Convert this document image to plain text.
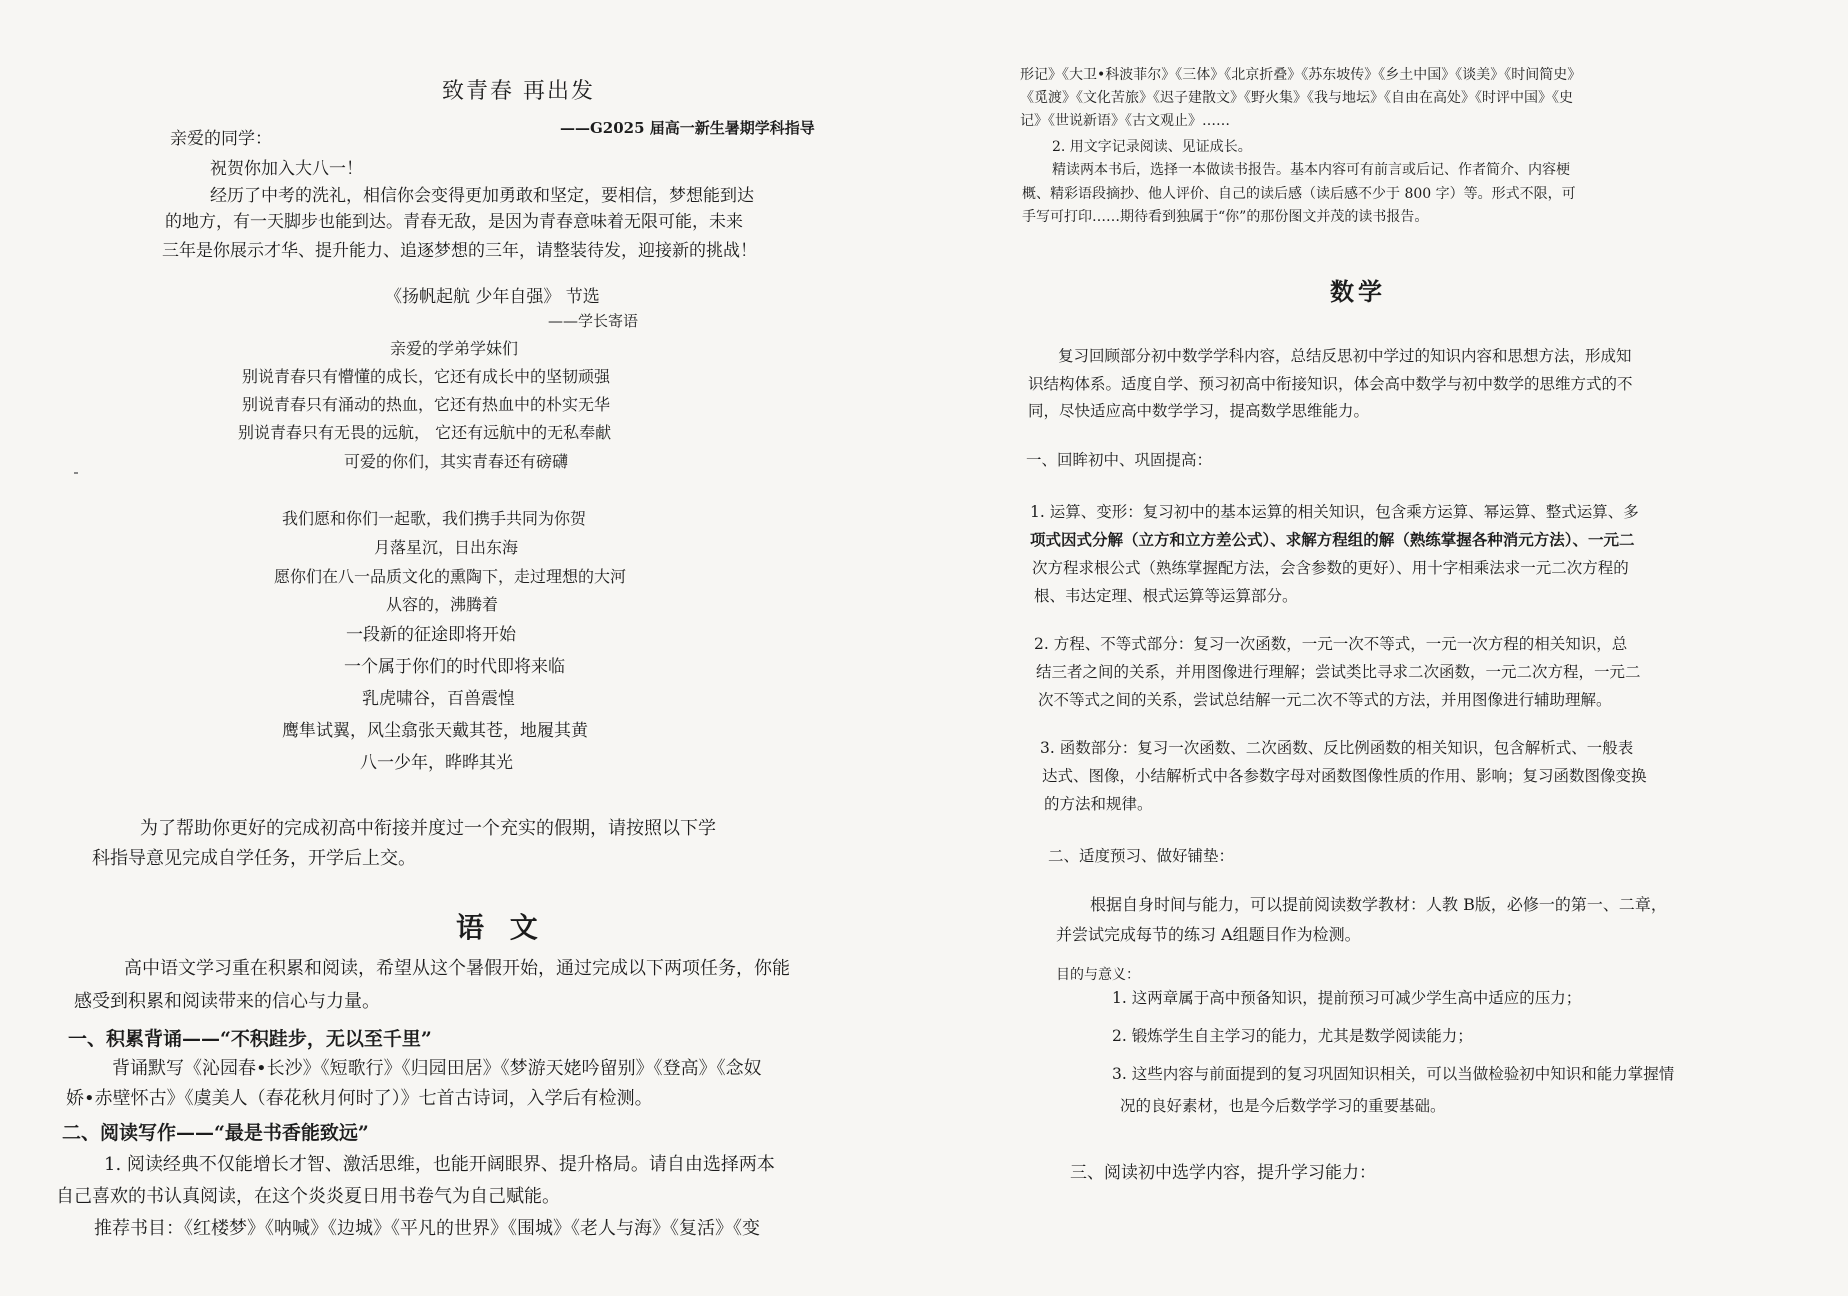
致青春 再出发
——G2025 届高一新生暑期学科指导
亲爱的同学：
祝贺你加入大八一！
经历了中考的洗礼，相信你会变得更加勇敢和坚定，要相信，梦想能到达
的地方，有一天脚步也能到达。青春无敌，是因为青春意味着无限可能，未来
三年是你展示才华、提升能力、追逐梦想的三年，请整装待发，迎接新的挑战！
《扬帆起航 少年自强》 节选
——学长寄语
亲爱的学弟学妹们
别说青春只有懵懂的成长，它还有成长中的坚韧顽强
别说青春只有涌动的热血，它还有热血中的朴实无华
别说青春只有无畏的远航， 它还有远航中的无私奉献
可爱的你们，其实青春还有磅礴
我们愿和你们一起歌，我们携手共同为你贺
月落星沉，日出东海
愿你们在八一品质文化的熏陶下，走过理想的大河
从容的，沸腾着
一段新的征途即将开始
一个属于你们的时代即将来临
乳虎啸谷，百兽震惶
鹰隼试翼，风尘翕张天戴其苍，地履其黄
八一少年，晔晔其光
为了帮助你更好的完成初高中衔接并度过一个充实的假期，请按照以下学
科指导意见完成自学任务，开学后上交。
语 文
高中语文学习重在积累和阅读，希望从这个暑假开始，通过完成以下两项任务，你能
感受到积累和阅读带来的信心与力量。
一、积累背诵——“不积跬步，无以至千里”
背诵默写《沁园春•长沙》《短歌行》《归园田居》《梦游天姥吟留别》《登高》《念奴
娇•赤壁怀古》《虞美人（春花秋月何时了）》七首古诗词，入学后有检测。
二、阅读写作——“最是书香能致远”
1. 阅读经典不仅能增长才智、激活思维，也能开阔眼界、提升格局。请自由选择两本
自己喜欢的书认真阅读，在这个炎炎夏日用书卷气为自己赋能。
推荐书目：《红楼梦》《呐喊》《边城》《平凡的世界》《围城》《老人与海》《复活》《变
形记》《大卫•科波菲尔》《三体》《北京折叠》《苏东坡传》《乡土中国》《谈美》《时间简史》
《觅渡》《文化苦旅》《迟子建散文》《野火集》《我与地坛》《自由在高处》《时评中国》《史
记》《世说新语》《古文观止》……
2. 用文字记录阅读、见证成长。
精读两本书后，选择一本做读书报告。基本内容可有前言或后记、作者简介、内容梗
概、精彩语段摘抄、他人评价、自己的读后感（读后感不少于 800 字）等。形式不限，可
手写可打印……期待看到独属于“你”的那份图文并茂的读书报告。
数学
复习回顾部分初中数学学科内容，总结反思初中学过的知识内容和思想方法，形成知
识结构体系。适度自学、预习初高中衔接知识，体会高中数学与初中数学的思维方式的不
同，尽快适应高中数学学习，提高数学思维能力。
一、回眸初中、巩固提高：
1. 运算、变形：复习初中的基本运算的相关知识，包含乘方运算、幂运算、整式运算、多
项式因式分解（立方和立方差公式）、求解方程组的解（熟练掌握各种消元方法）、一元二
次方程求根公式（熟练掌握配方法，会含参数的更好）、用十字相乘法求一元二次方程的
根、韦达定理、根式运算等运算部分。
2. 方程、不等式部分：复习一次函数，一元一次不等式，一元一次方程的相关知识，总
结三者之间的关系，并用图像进行理解；尝试类比寻求二次函数，一元二次方程，一元二
次不等式之间的关系，尝试总结解一元二次不等式的方法，并用图像进行辅助理解。
3. 函数部分：复习一次函数、二次函数、反比例函数的相关知识，包含解析式、一般表
达式、图像，小结解析式中各参数字母对函数图像性质的作用、影响；复习函数图像变换
的方法和规律。
二、适度预习、做好铺垫：
根据自身时间与能力，可以提前阅读数学教材：人教 B版，必修一的第一、二章，
并尝试完成每节的练习 A组题目作为检测。
目的与意义：
1. 这两章属于高中预备知识，提前预习可减少学生高中适应的压力；
2. 锻炼学生自主学习的能力，尤其是数学阅读能力；
3. 这些内容与前面提到的复习巩固知识相关，可以当做检验初中知识和能力掌握情
况的良好素材，也是今后数学学习的重要基础。
三、阅读初中选学内容，提升学习能力：
